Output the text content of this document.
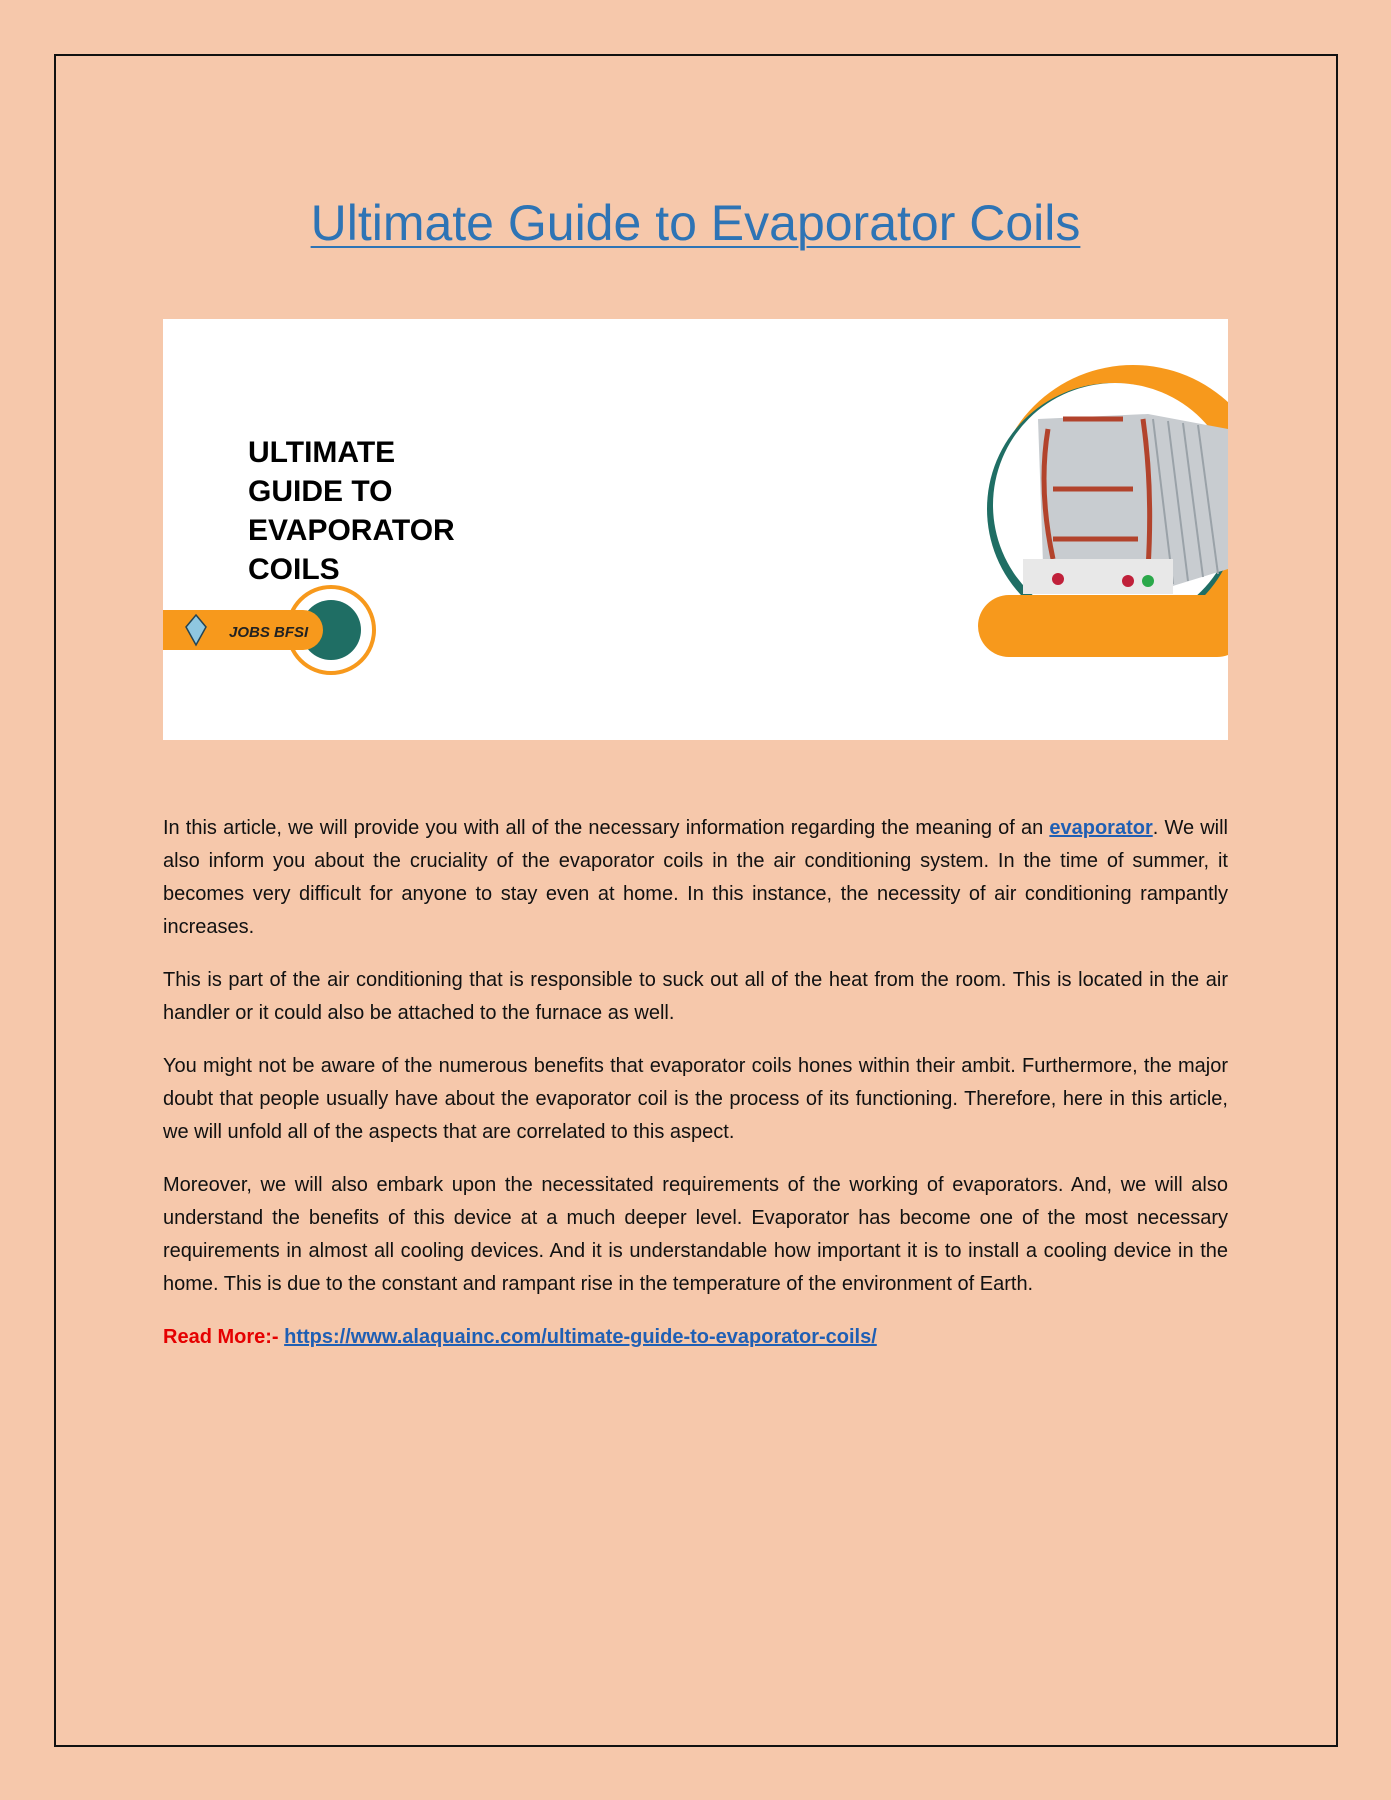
Ultimate Guide to Evaporator Coils
ULTIMATE
GUIDE TO
EVAPORATOR
COILS
JOBS BFSI

In this article, we will provide you with all of the necessary information regarding the meaning of an evaporator. We will also inform you about the cruciality of the evaporator coils in the air conditioning system. In the time of summer, it becomes very difficult for anyone to stay even at home. In this instance, the necessity of air conditioning rampantly increases.

This is part of the air conditioning that is responsible to suck out all of the heat from the room. This is located in the air handler or it could also be attached to the furnace as well.

You might not be aware of the numerous benefits that evaporator coils hones within their ambit. Furthermore, the major doubt that people usually have about the evaporator coil is the process of its functioning. Therefore, here in this article, we will unfold all of the aspects that are correlated to this aspect.

Moreover, we will also embark upon the necessitated requirements of the working of evaporators. And, we will also understand the benefits of this device at a much deeper level. Evaporator has become one of the most necessary requirements in almost all cooling devices. And it is understandable how important it is to install a cooling device in the home. This is due to the constant and rampant rise in the temperature of the environment of Earth.

Read More:- https://www.alaquainc.com/ultimate-guide-to-evaporator-coils/
